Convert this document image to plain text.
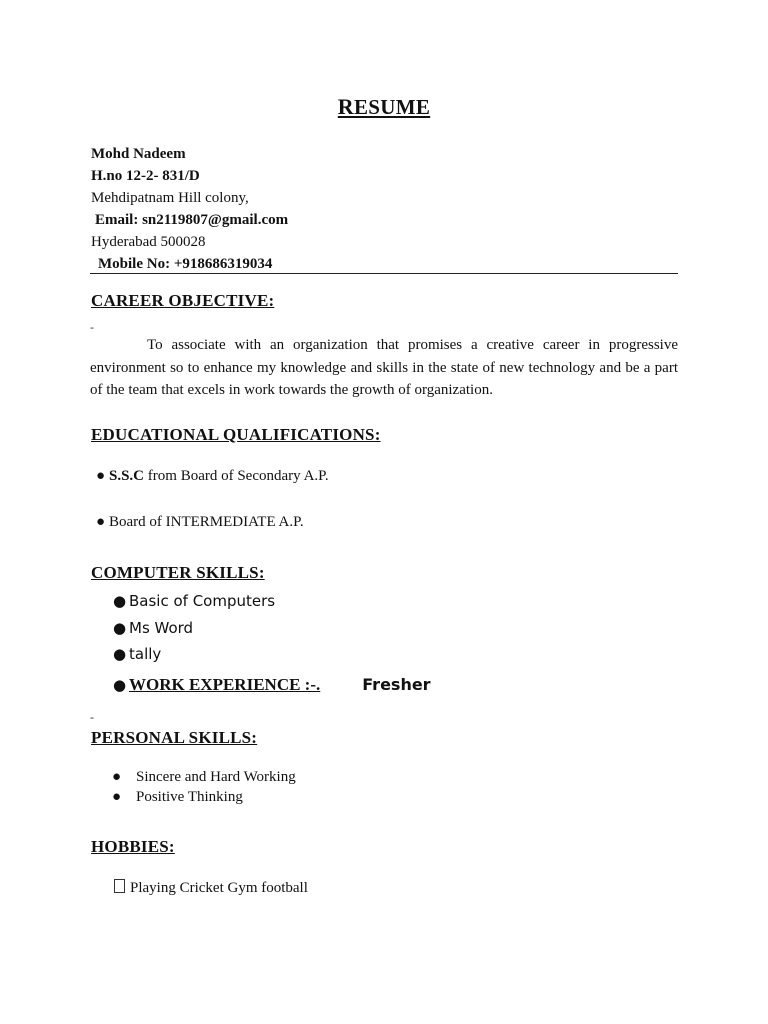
RESUME
Mohd Nadeem
H.no 12-2- 831/D
Mehdipatnam Hill colony,
Email: sn2119807@gmail.com
Hyderabad 500028
Mobile No: +918686319034
CAREER OBJECTIVE:
-
To associate with an organization that promises a creative career in progressive environment so to enhance my knowledge and skills in the state of new technology and be a part of the team that excels in work towards the growth of organization.
EDUCATIONAL QUALIFICATIONS:
● S.S.C from Board of Secondary A.P.
● Board of INTERMEDIATE A.P.
COMPUTER SKILLS:
● Basic of Computers
● Ms Word
● tally
● WORK EXPERIENCE :-.	Fresher
-
PERSONAL SKILLS:
● Sincere and Hard Working
● Positive Thinking
HOBBIES:
Playing Cricket Gym football
